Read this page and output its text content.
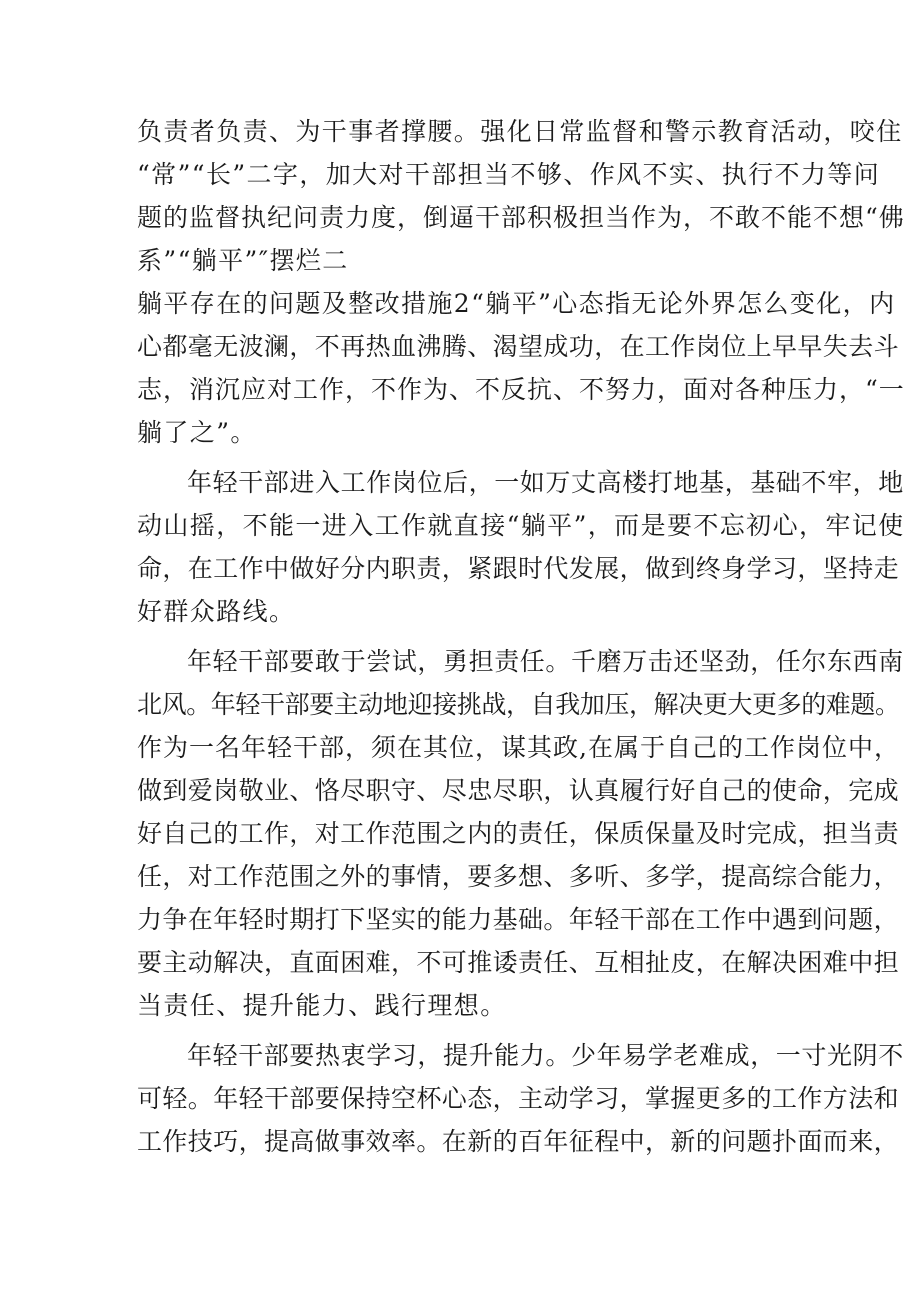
负责者负责、为干事者撑腰。强化日常监督和警示教育活动，咬住
“常”“长”二字，加大对干部担当不够、作风不实、执行不力等问
题的监督执纪问责力度，倒逼干部积极担当作为，不敢不能不想“佛
系”“躺平”″摆烂二
躺平存在的问题及整改措施2“躺平”心态指无论外界怎么变化，内
心都毫无波澜，不再热血沸腾、渴望成功，在工作岗位上早早失去斗
志，消沉应对工作，不作为、不反抗、不努力，面对各种压力，“一
躺了之”。
年轻干部进入工作岗位后，一如万丈高楼打地基，基础不牢，地
动山摇，不能一进入工作就直接“躺平”，而是要不忘初心，牢记使
命，在工作中做好分内职责，紧跟时代发展，做到终身学习，坚持走
好群众路线。
年轻干部要敢于尝试，勇担责任。千磨万击还坚劲，任尔东西南
北风。年轻干部要主动地迎接挑战，自我加压，解决更大更多的难题。
作为一名年轻干部，须在其位，谋其政,在属于自己的工作岗位中，
做到爱岗敬业、恪尽职守、尽忠尽职，认真履行好自己的使命，完成
好自己的工作，对工作范围之内的责任，保质保量及时完成，担当责
任，对工作范围之外的事情，要多想、多听、多学，提高综合能力，
力争在年轻时期打下坚实的能力基础。年轻干部在工作中遇到问题，
要主动解决，直面困难，不可推诿责任、互相扯皮，在解决困难中担
当责任、提升能力、践行理想。
年轻干部要热衷学习，提升能力。少年易学老难成，一寸光阴不
可轻。年轻干部要保持空杯心态，主动学习，掌握更多的工作方法和
工作技巧，提高做事效率。在新的百年征程中，新的问题扑面而来，
